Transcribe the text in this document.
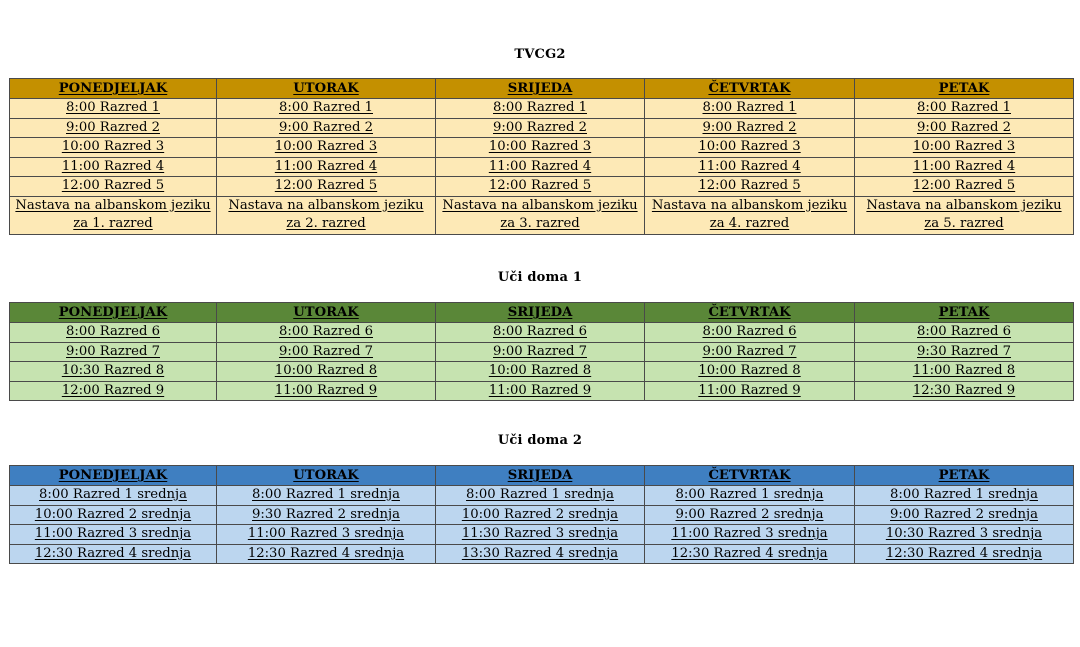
TVCG2
PONEDJELJAK	UTORAK	SRIJEDA	ČETVRTAK	PETAK
8:00 Razred 1	8:00 Razred 1	8:00 Razred 1	8:00 Razred 1	8:00 Razred 1
9:00 Razred 2	9:00 Razred 2	9:00 Razred 2	9:00 Razred 2	9:00 Razred 2
10:00 Razred 3	10:00 Razred 3	10:00 Razred 3	10:00 Razred 3	10:00 Razred 3
11:00 Razred 4	11:00 Razred 4	11:00 Razred 4	11:00 Razred 4	11:00 Razred 4
12:00 Razred 5	12:00 Razred 5	12:00 Razred 5	12:00 Razred 5	12:00 Razred 5
Nastava na albanskom jeziku za 1. razred	Nastava na albanskom jeziku za 2. razred	Nastava na albanskom jeziku za 3. razred	Nastava na albanskom jeziku za 4. razred	Nastava na albanskom jeziku za 5. razred
Uči doma 1
PONEDJELJAK	UTORAK	SRIJEDA	ČETVRTAK	PETAK
8:00 Razred 6	8:00 Razred 6	8:00 Razred 6	8:00 Razred 6	8:00 Razred 6
9:00 Razred 7	9:00 Razred 7	9:00 Razred 7	9:00 Razred 7	9:30 Razred 7
10:30 Razred 8	10:00 Razred 8	10:00 Razred 8	10:00 Razred 8	11:00 Razred 8
12:00 Razred 9	11:00 Razred 9	11:00 Razred 9	11:00 Razred 9	12:30 Razred 9
Uči doma 2
PONEDJELJAK	UTORAK	SRIJEDA	ČETVRTAK	PETAK
8:00 Razred 1 srednja	8:00 Razred 1 srednja	8:00 Razred 1 srednja	8:00 Razred 1 srednja	8:00 Razred 1 srednja
10:00 Razred 2 srednja	9:30 Razred 2 srednja	10:00 Razred 2 srednja	9:00 Razred 2 srednja	9:00 Razred 2 srednja
11:00 Razred 3 srednja	11:00 Razred 3 srednja	11:30 Razred 3 srednja	11:00 Razred 3 srednja	10:30 Razred 3 srednja
12:30 Razred 4 srednja	12:30 Razred 4 srednja	13:30 Razred 4 srednja	12:30 Razred 4 srednja	12:30 Razred 4 srednja
